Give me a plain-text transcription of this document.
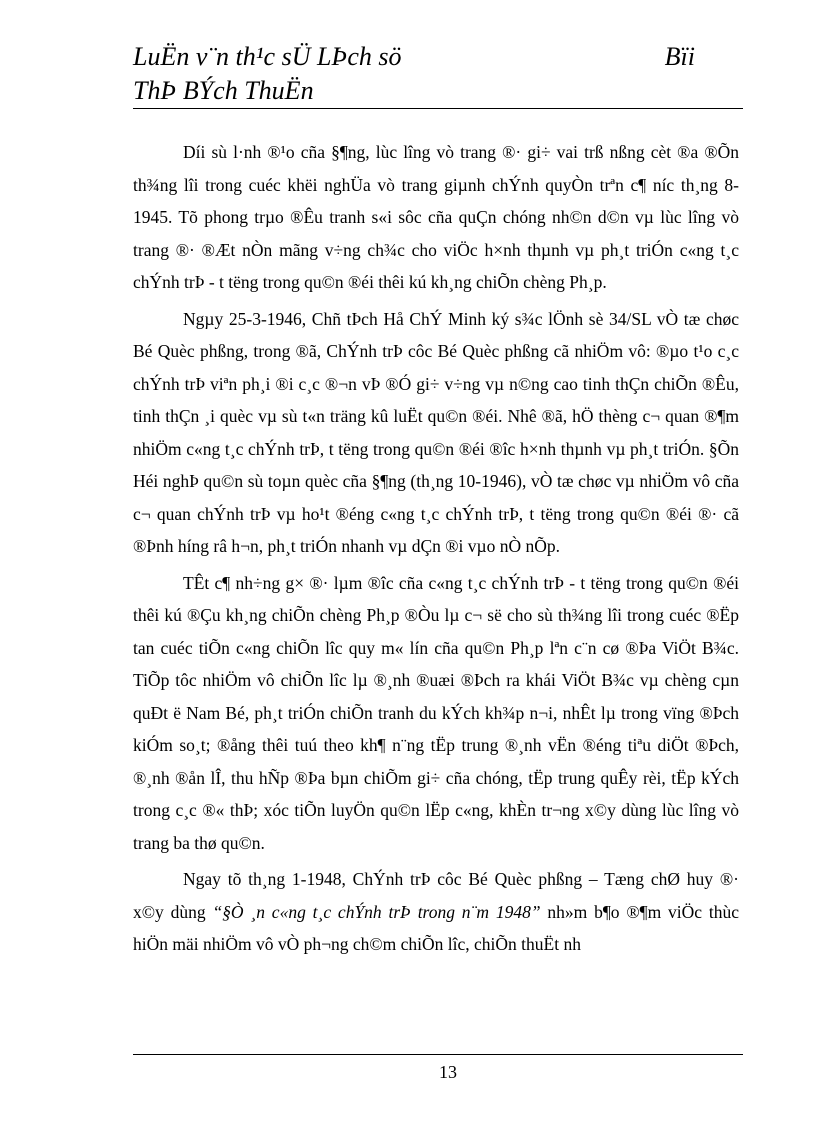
LuËn v¨n th¹c sÜ LÞch sö	Bïi
ThÞ BÝch ThuËn

Díi sù l·nh ®¹o cña §¶ng, lùc lîng vò trang ®· gi÷ vai trß nßng cèt ®a ®Õn th¾ng lîi trong cuéc khëi nghÜa vò trang giµnh chÝnh quyÒn trªn c¶ níc th¸ng 8- 1945. Tõ phong trµo ®Êu tranh s«i sôc cña quÇn chóng nh©n d©n vµ lùc lîng vò trang ®· ®Æt nÒn mãng v÷ng ch¾c cho viÖc h×nh thµnh vµ ph¸t triÓn c«ng t¸c chÝnh trÞ - t tëng trong qu©n ®éi thêi kú kh¸ng chiÕn chèng Ph¸p.

Ngµy 25-3-1946, Chñ tÞch Hå ChÝ Minh ký s¾c lÖnh sè 34/SL vÒ tæ chøc Bé Quèc phßng, trong ®ã, ChÝnh trÞ côc Bé Quèc phßng cã nhiÖm vô: ®µo t¹o c¸c chÝnh trÞ viªn ph¸i ®i c¸c ®¬n vÞ ®Ó gi÷ v÷ng vµ n©ng cao tinh thÇn chiÕn ®Êu, tinh thÇn ¸i quèc vµ sù t«n träng kû luËt qu©n ®éi. Nhê ®ã, hÖ thèng c¬ quan ®¶m nhiÖm c«ng t¸c chÝnh trÞ, t tëng trong qu©n ®éi ®îc h×nh thµnh vµ ph¸t triÓn. §Õn Héi nghÞ qu©n sù toµn quèc cña §¶ng (th¸ng 10-1946), vÒ tæ chøc vµ nhiÖm vô cña c¬ quan chÝnh trÞ vµ ho¹t ®éng c«ng t¸c chÝnh trÞ, t tëng trong qu©n ®éi ®· cã ®Þnh híng râ h¬n, ph¸t triÓn nhanh vµ dÇn ®i vµo nÒ nÕp.

TÊt c¶ nh÷ng g× ®· lµm ®îc cña c«ng t¸c chÝnh trÞ - t tëng trong qu©n ®éi thêi kú ®Çu kh¸ng chiÕn chèng Ph¸p ®Òu lµ c¬ së cho sù th¾ng lîi trong cuéc ®Ëp tan cuéc tiÕn c«ng chiÕn lîc quy m« lín cña qu©n Ph¸p lªn c¨n cø ®Þa ViÖt B¾c. TiÕp tôc nhiÖm vô chiÕn lîc lµ ®¸nh ®uæi ®Þch ra khái ViÖt B¾c vµ chèng cµn quÐt ë Nam Bé, ph¸t triÓn chiÕn tranh du kÝch kh¾p n¬i, nhÊt lµ trong vïng ®Þch kiÓm so¸t; ®ång thêi tuú theo kh¶ n¨ng tËp trung ®¸nh vËn ®éng tiªu diÖt ®Þch, ®¸nh ®ån lÎ, thu hÑp ®Þa bµn chiÕm gi÷ cña chóng, tËp trung quÊy rèi, tËp kÝch trong c¸c ®« thÞ; xóc tiÕn luyÖn qu©n lËp c«ng, khÈn tr¬ng x©y dùng lùc lîng vò trang ba thø qu©n.

Ngay tõ th¸ng 1-1948, ChÝnh trÞ côc Bé Quèc phßng – Tæng chØ huy ®· x©y dùng “§Ò ¸n c«ng t¸c chÝnh trÞ trong n¨m 1948” nh»m b¶o ®¶m viÖc thùc hiÖn mäi nhiÖm vô vÒ ph¬ng ch©m chiÕn lîc, chiÕn thuËt nh

13
